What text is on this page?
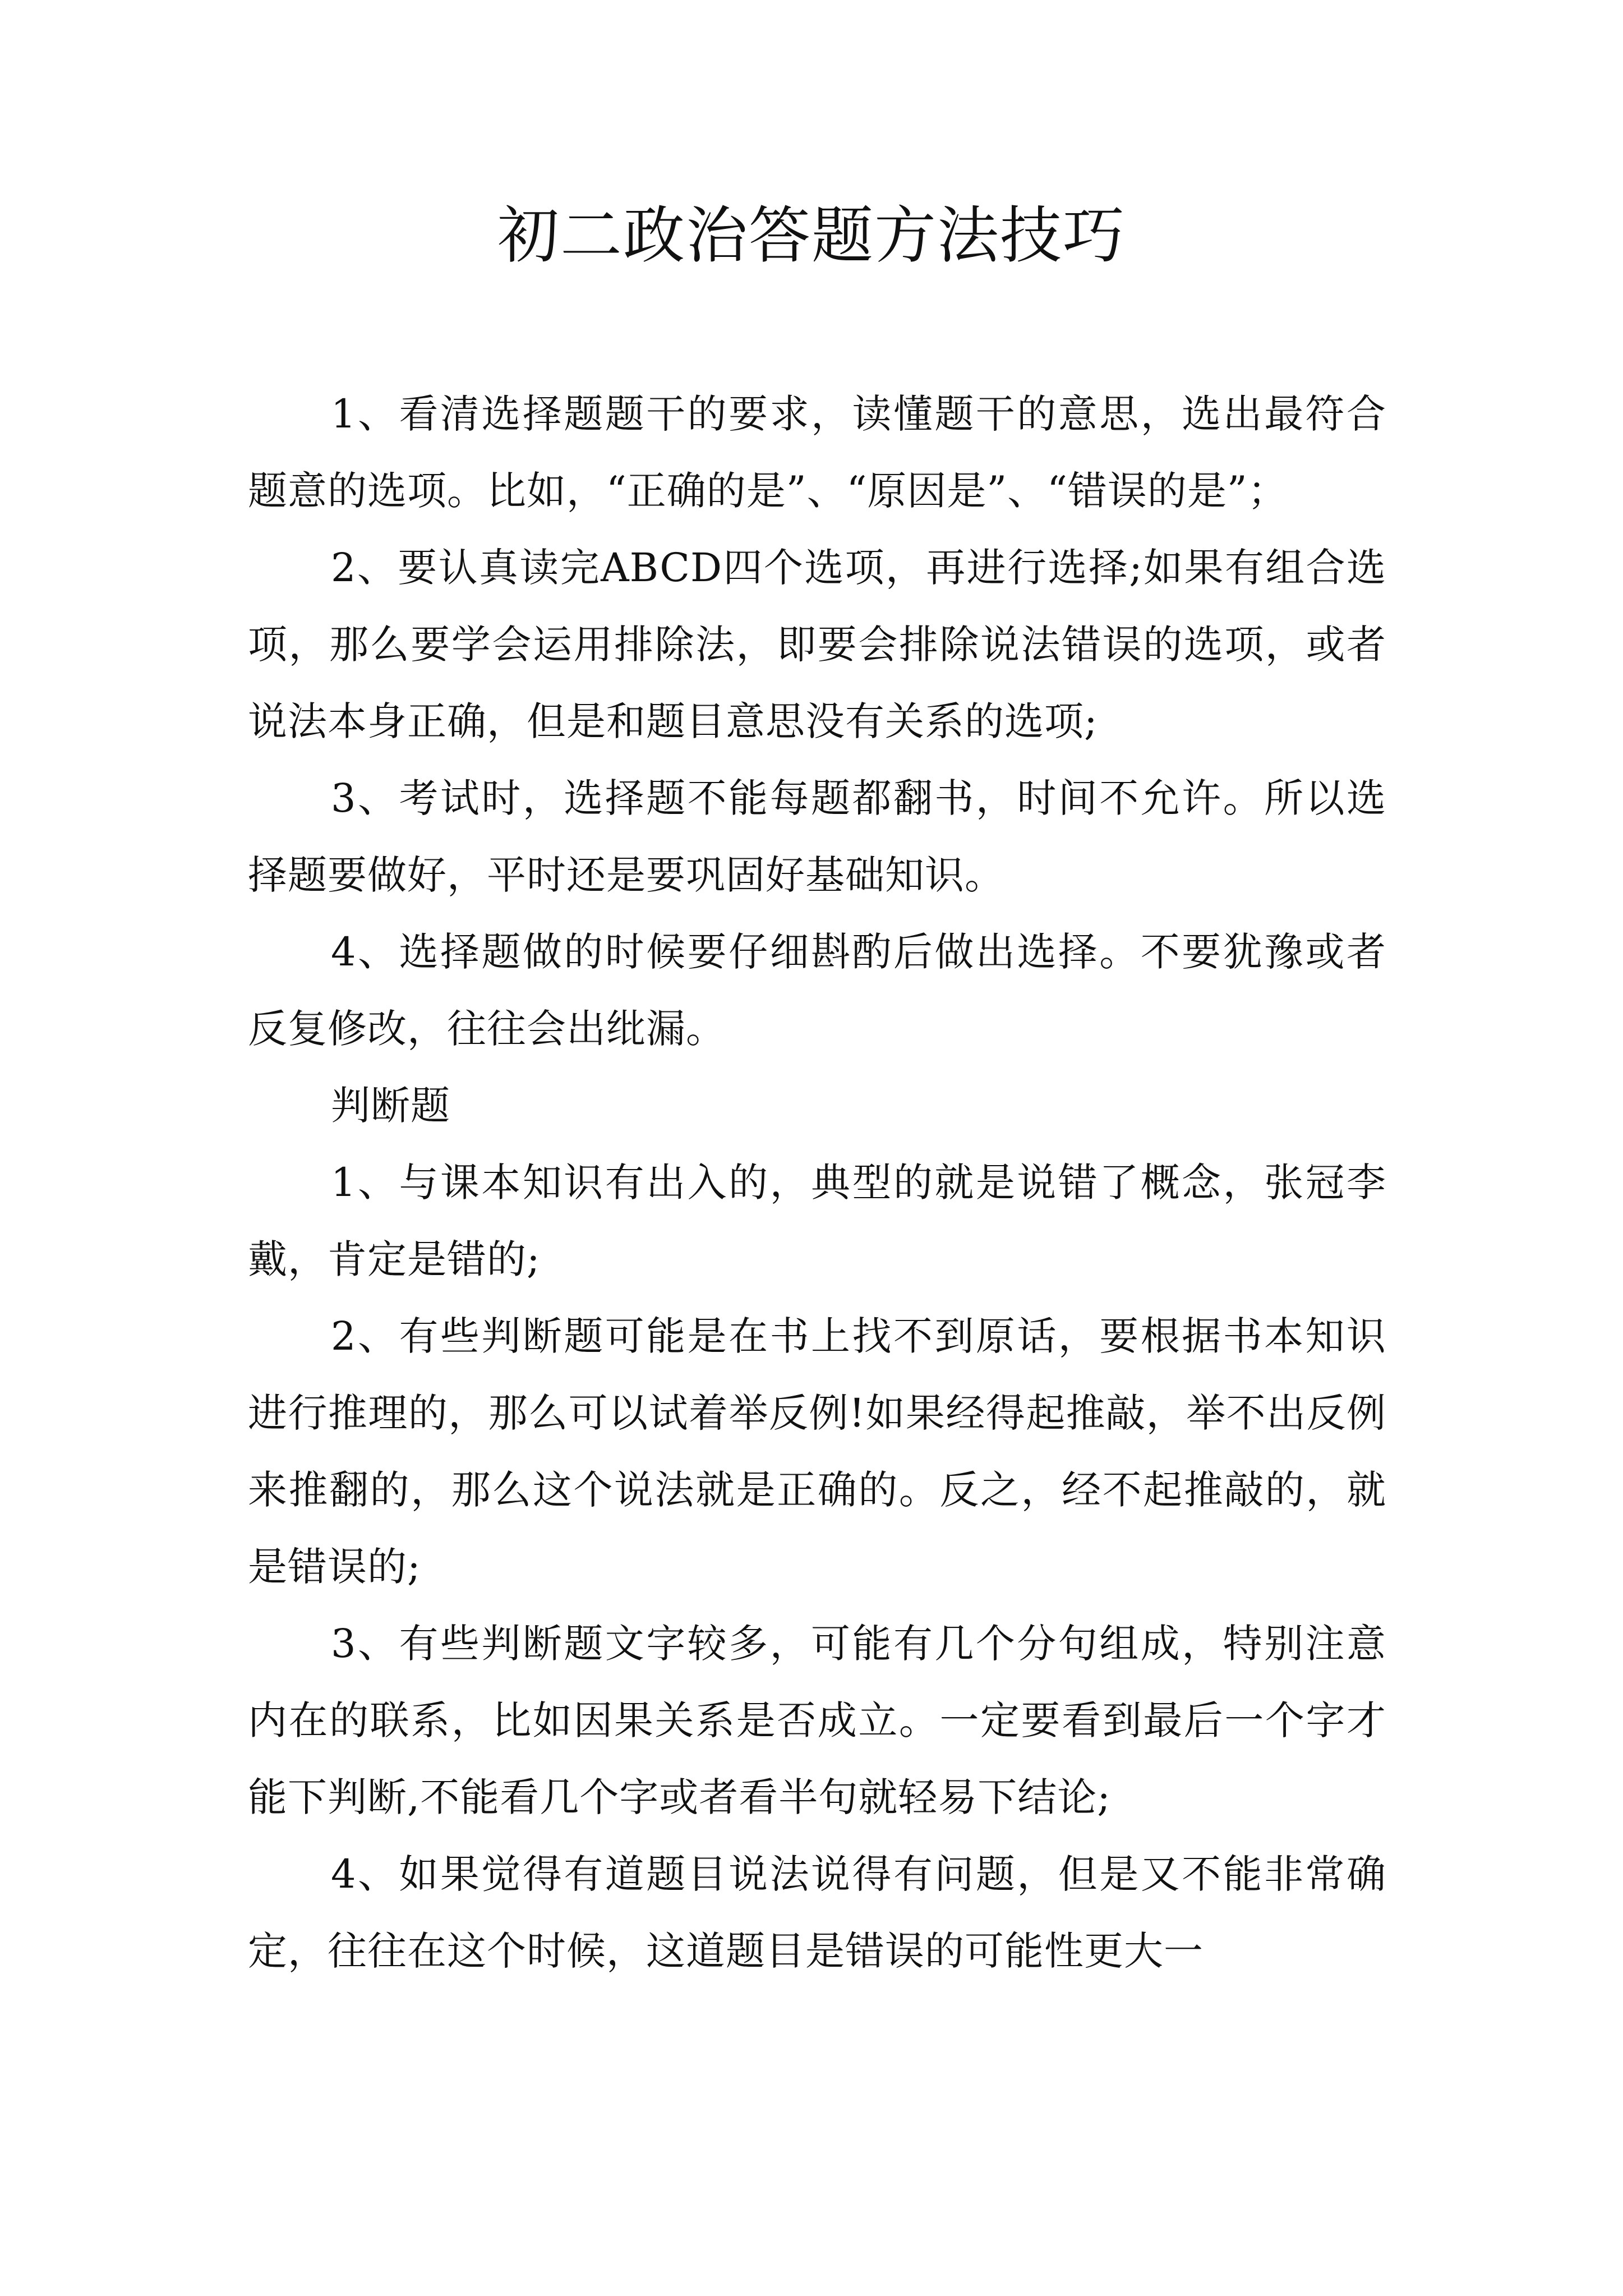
初二政治答题方法技巧

1、看清选择题题干的要求，读懂题干的意思，选出最符合题意的选项。比如，“正确的是”、“原因是”、“错误的是”；

2、要认真读完ABCD四个选项，再进行选择;如果有组合选项，那么要学会运用排除法，即要会排除说法错误的选项，或者说法本身正确，但是和题目意思没有关系的选项;

3、考试时，选择题不能每题都翻书，时间不允许。所以选择题要做好，平时还是要巩固好基础知识。

4、选择题做的时候要仔细斟酌后做出选择。不要犹豫或者反复修改，往往会出纰漏。

判断题

1、与课本知识有出入的，典型的就是说错了概念，张冠李戴，肯定是错的;

2、有些判断题可能是在书上找不到原话，要根据书本知识进行推理的，那么可以试着举反例!如果经得起推敲，举不出反例来推翻的，那么这个说法就是正确的。反之，经不起推敲的，就是错误的;

3、有些判断题文字较多，可能有几个分句组成，特别注意内在的联系，比如因果关系是否成立。一定要看到最后一个字才能下判断,不能看几个字或者看半句就轻易下结论;

4、如果觉得有道题目说法说得有问题，但是又不能非常确定，往往在这个时候，这道题目是错误的可能性更大一
